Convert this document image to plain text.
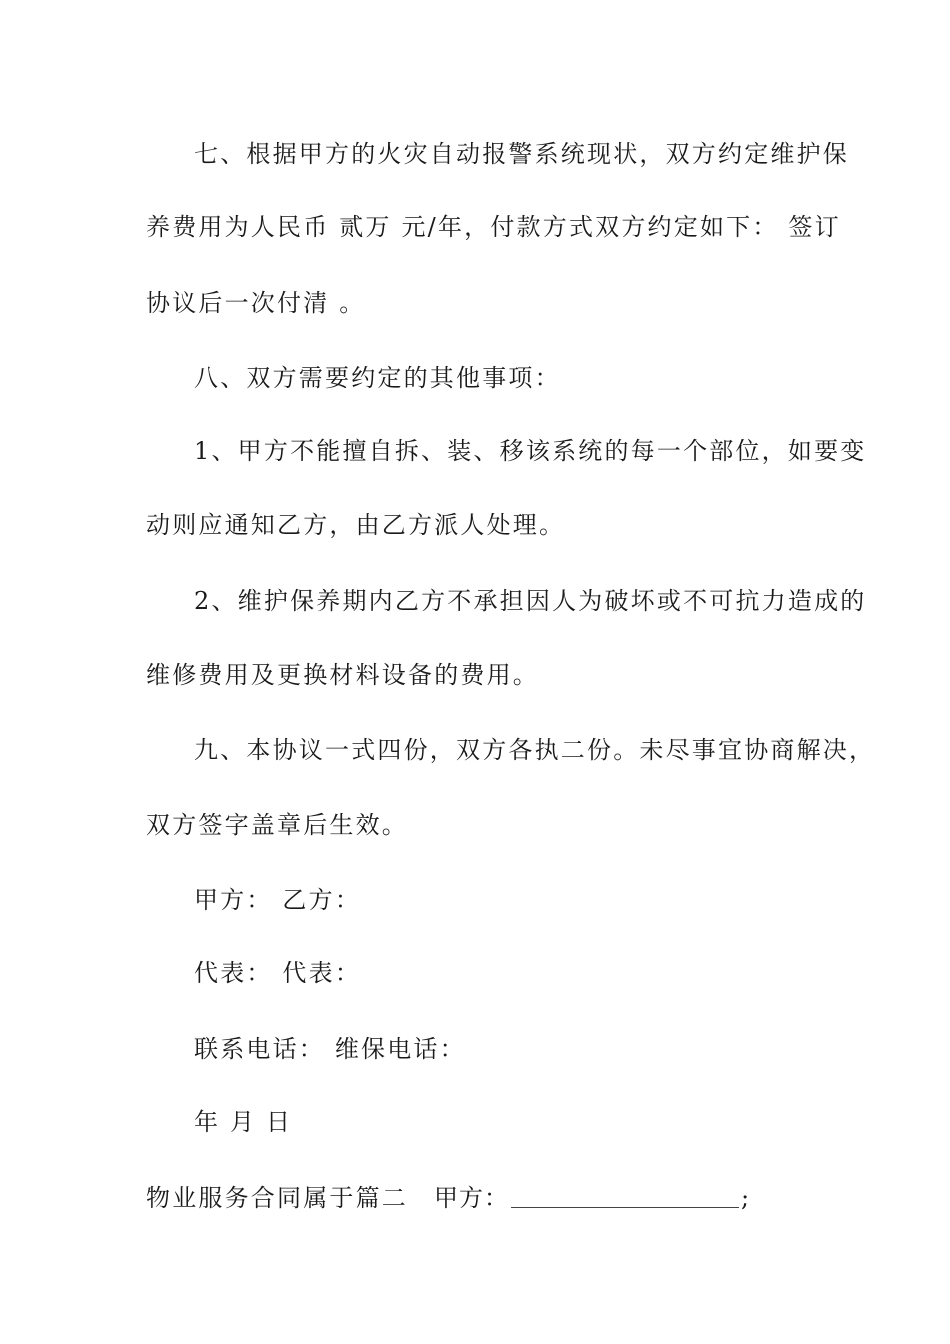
七、根据甲方的火灾自动报警系统现状，双方约定维护保
养费用为人民币 贰万 元/年，付款方式双方约定如下： 签订
协议后一次付清 。
八、双方需要约定的其他事项：
1、甲方不能擅自拆、装、移该系统的每一个部位，如要变
动则应通知乙方，由乙方派人处理。
2、维护保养期内乙方不承担因人为破坏或不可抗力造成的
维修费用及更换材料设备的费用。
九、本协议一式四份，双方各执二份。未尽事宜协商解决，
双方签字盖章后生效。
甲方： 乙方：
代表： 代表：
联系电话： 维保电话：
年 月 日
物业服务合同属于篇二 甲方：	;
